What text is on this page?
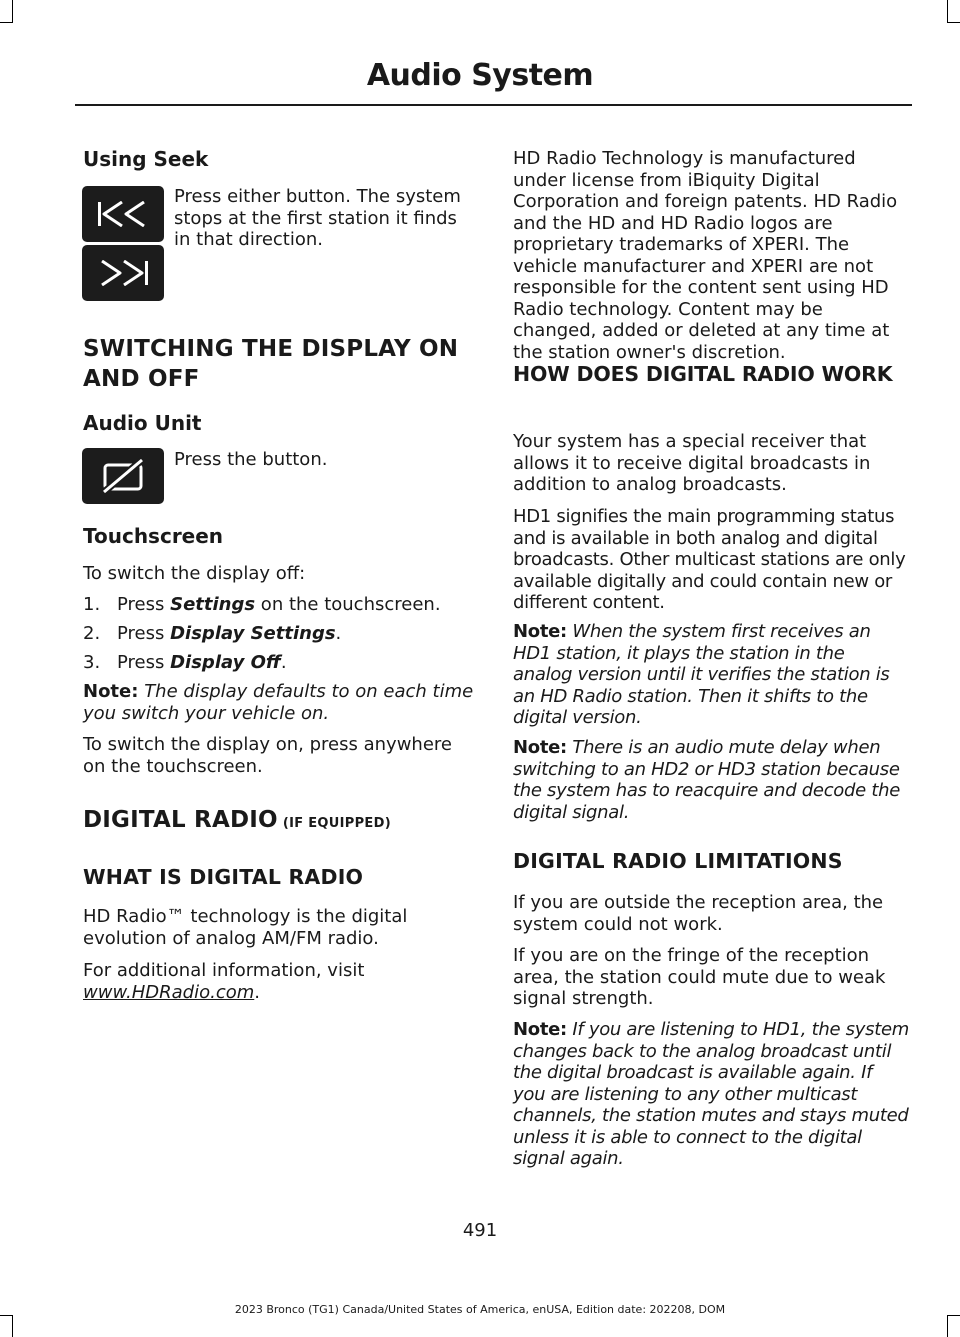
Audio System
Using Seek
Press either button. The system stops at the first station it finds in that direction.
SWITCHING THE DISPLAY ON
AND OFF
Audio Unit
Press the button.
Touchscreen
To switch the display off:
1. Press Settings on the touchscreen.
2. Press Display Settings.
3. Press Display Off.
Note: The display defaults to on each time you switch your vehicle on.
To switch the display on, press anywhere on the touchscreen.
DIGITAL RADIO (IF EQUIPPED)
WHAT IS DIGITAL RADIO
HD Radio™ technology is the digital evolution of analog AM/FM radio.
For additional information, visit
www.HDRadio.com.
HD Radio Technology is manufactured under license from iBiquity Digital Corporation and foreign patents. HD Radio and the HD and HD Radio logos are proprietary trademarks of XPERI. The vehicle manufacturer and XPERI are not responsible for the content sent using HD Radio technology. Content may be changed, added or deleted at any time at the station owner's discretion.
HOW DOES DIGITAL RADIO WORK
Your system has a special receiver that allows it to receive digital broadcasts in addition to analog broadcasts.
HD1 signifies the main programming status and is available in both analog and digital broadcasts. Other multicast stations are only available digitally and could contain new or different content.
Note: When the system first receives an HD1 station, it plays the station in the analog version until it verifies the station is an HD Radio station. Then it shifts to the digital version.
Note: There is an audio mute delay when switching to an HD2 or HD3 station because the system has to reacquire and decode the digital signal.
DIGITAL RADIO LIMITATIONS
If you are outside the reception area, the system could not work.
If you are on the fringe of the reception area, the station could mute due to weak signal strength.
Note: If you are listening to HD1, the system changes back to the analog broadcast until the digital broadcast is available again. If you are listening to any other multicast channels, the station mutes and stays muted unless it is able to connect to the digital signal again.
491
2023 Bronco (TG1) Canada/United States of America, enUSA, Edition date: 202208, DOM
